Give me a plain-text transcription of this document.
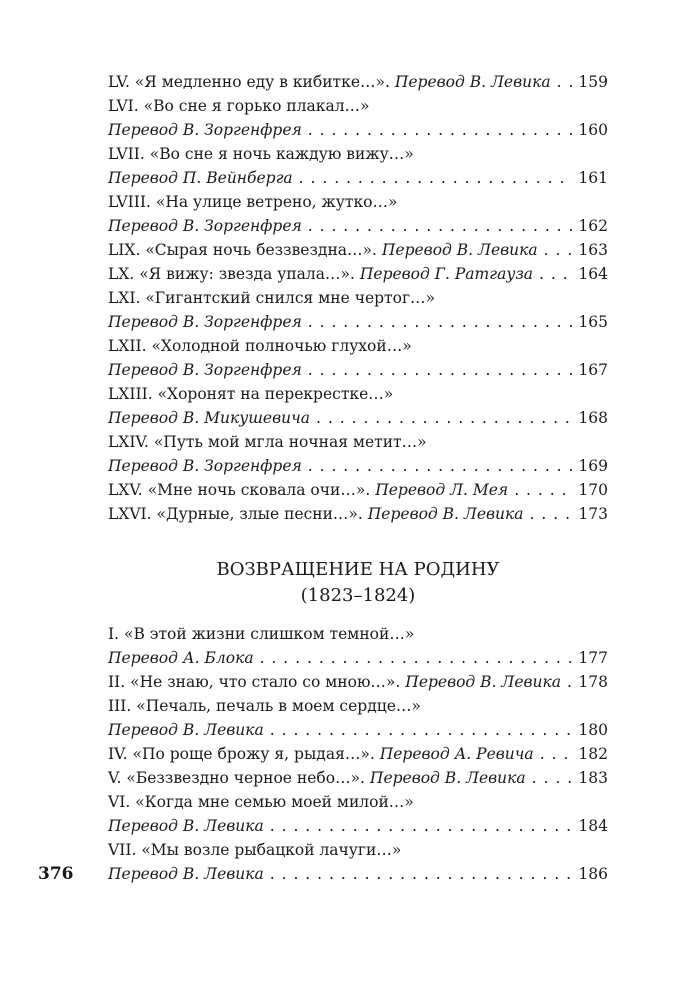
LV.
«Я медленно еду в кибитке…».
Перевод В. Левика . . . 159
LVI.
«Во сне я горько плакал…»
Перевод В. Зоргенфрея . . .	160
LVII.
«Во сне я ночь каждую вижу…»
Перевод П. Вейнберга . . .	161
LVIII.
«На улице ветрено, жутко…»
Перевод В. Зоргенфрея . . .	162
LIX.
«Сырая ночь беззвездна…».
Перевод В. Левика . . .	163
LX.
«Я вижу: звезда упала…».
Перевод Г. Ратгауза . . .	164
LXI.
«Гигантский снился мне чертог…»
Перевод В. Зоргенфрея . . .	165
LXII.
«Холодной полночью глухой…»
Перевод В. Зоргенфрея . . .	167
LXIII.
«Хоронят на перекрестке…»
Перевод В. Микушевича . . .	168
LXIV.
«Путь мой мгла ночная метит…»
Перевод В. Зоргенфрея . . .	169
LXV.
«Мне ночь сковала очи…».
Перевод Л. Мея . . .	170
LXVI.
«Дурные, злые песни…».
Перевод В. Левика . . .	173
ВОЗВРАЩЕНИЕ НА РОДИНУ
(1823–1824)
I.
«В этой жизни слишком темной…»
Перевод А. Блока . . .	177
II.
«Не знаю, что стало со мною…».
Перевод В. Левика . . . 178
III.
«Печаль, печаль в моем сердце…»
Перевод В. Левика . . .	180
IV.
«По роще брожу я, рыдая…».
Перевод А. Ревича . . .	182
V.
«Беззвездно черное небо…».
Перевод В. Левика . . .	183
VI.
«Когда мне семью моей милой…»
Перевод В. Левика . . .	184
VII.
«Мы возле рыбацкой лачуги…»
Перевод В. Левика . . .	186
376
